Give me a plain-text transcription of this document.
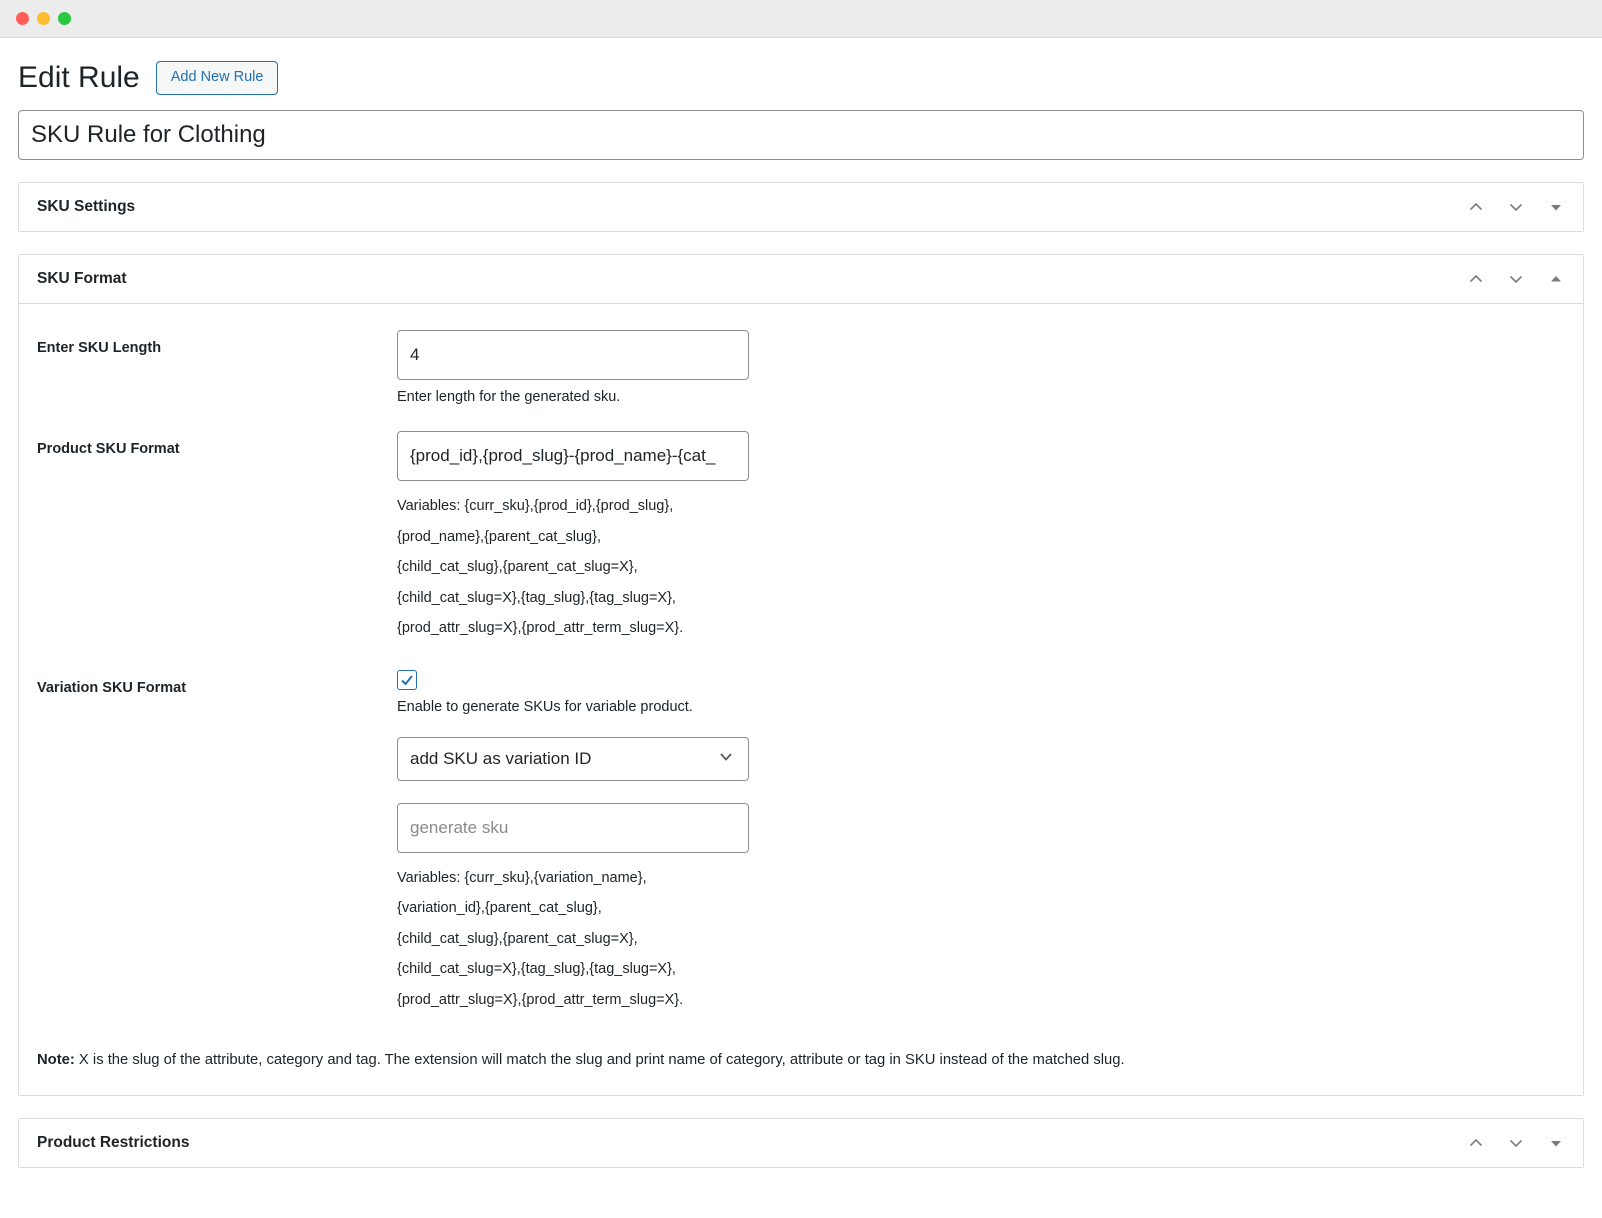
Edit Rule	Add New Rule
SKU Rule for Clothing
SKU Settings
SKU Format
Enter SKU Length
4
Enter length for the generated sku.
Product SKU Format
{prod_id},{prod_slug}-{prod_name}-{cat_
Variables: {curr_sku},{prod_id},{prod_slug},
{prod_name},{parent_cat_slug},
{child_cat_slug},{parent_cat_slug=X},
{child_cat_slug=X},{tag_slug},{tag_slug=X},
{prod_attr_slug=X},{prod_attr_term_slug=X}.
Variation SKU Format
Enable to generate SKUs for variable product.
add SKU as variation ID
generate sku
Variables: {curr_sku},{variation_name},
{variation_id},{parent_cat_slug},
{child_cat_slug},{parent_cat_slug=X},
{child_cat_slug=X},{tag_slug},{tag_slug=X},
{prod_attr_slug=X},{prod_attr_term_slug=X}.
Note: X is the slug of the attribute, category and tag. The extension will match the slug and print name of category, attribute or tag in SKU instead of the matched slug.
Product Restrictions
